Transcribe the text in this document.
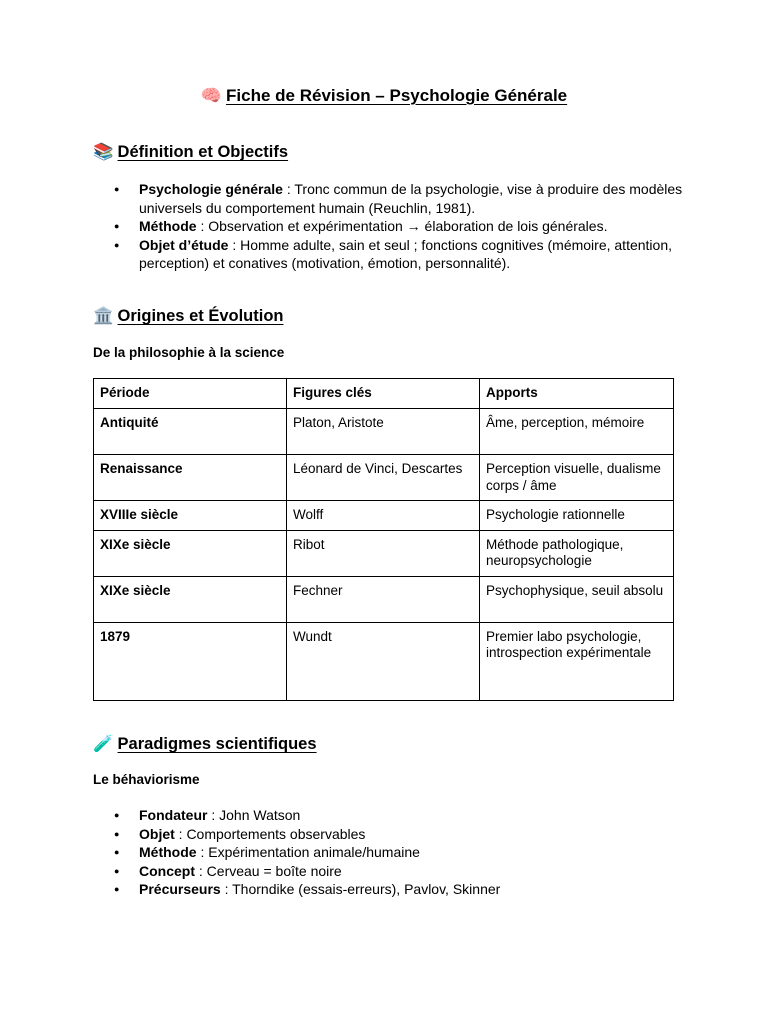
🧠 Fiche de Révision – Psychologie Générale
📚 Définition et Objectifs
● Psychologie générale : Tronc commun de la psychologie, vise à produire des modèles universels du comportement humain (Reuchlin, 1981).
● Méthode : Observation et expérimentation → élaboration de lois générales.
● Objet d’étude : Homme adulte, sain et seul ; fonctions cognitives (mémoire, attention, perception) et conatives (motivation, émotion, personnalité).
🏛️ Origines et Évolution
De la philosophie à la science
Période	Figures clés	Apports
Antiquité	Platon, Aristote	Âme, perception, mémoire
Renaissance	Léonard de Vinci, Descartes	Perception visuelle, dualisme corps / âme
XVIIIe siècle	Wolff	Psychologie rationnelle
XIXe siècle	Ribot	Méthode pathologique, neuropsychologie
XIXe siècle	Fechner	Psychophysique, seuil absolu
1879	Wundt	Premier labo psychologie, introspection expérimentale
🧪 Paradigmes scientifiques
Le béhaviorisme
● Fondateur : John Watson
● Objet : Comportements observables
● Méthode : Expérimentation animale/humaine
● Concept : Cerveau = boîte noire
● Précurseurs : Thorndike (essais-erreurs), Pavlov, Skinner
